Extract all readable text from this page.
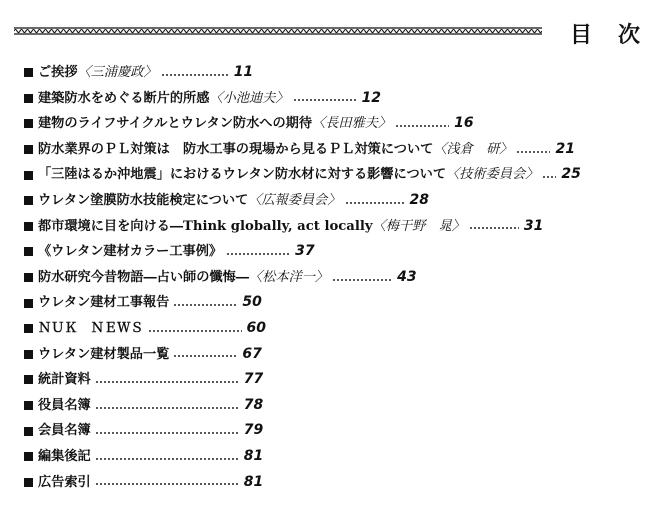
目 次
ご挨拶〈三浦慶政〉	11
建築防水をめぐる断片的所感〈小池迪夫〉	12
建物のライフサイクルとウレタン防水への期待〈長田雅夫〉	16
防水業界のＰＬ対策は　防水工事の現場から見るＰＬ対策について〈浅倉　研〉	21
「三陸はるか沖地震」におけるウレタン防水材に対する影響について〈技術委員会〉 25
ウレタン塗膜防水技能検定について〈広報委員会〉	28
都市環境に目を向ける―Think globally, act locally〈梅干野　晁〉	31
《ウレタン建材カラー工事例》	37
防水研究今昔物語―占い師の懺悔―〈松本洋一〉	43
ウレタン建材工事報告	50
ＮＵＫ　ＮＥＷＳ	60
ウレタン建材製品一覧	67
統計資料	77
役員名簿	78
会員名簿	79
編集後記	81
広告索引	81
